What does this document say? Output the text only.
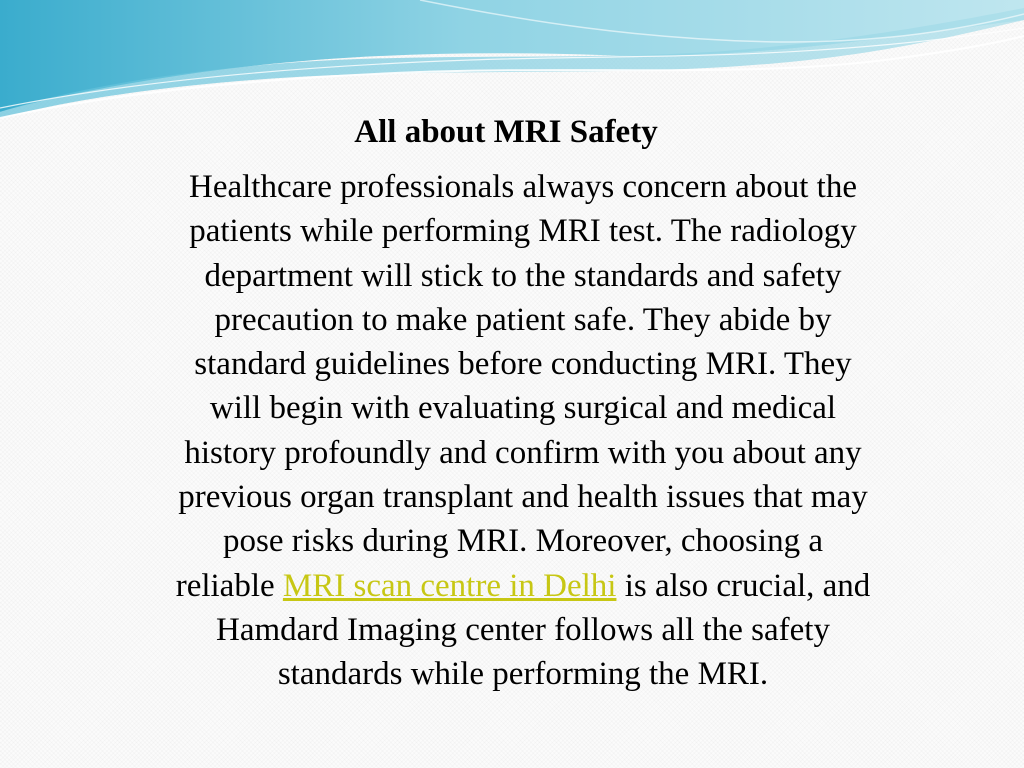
All about MRI Safety
Healthcare professionals always concern about the
patients while performing MRI test. The radiology
department will stick to the standards and safety
precaution to make patient safe. They abide by
standard guidelines before conducting MRI. They
will begin with evaluating surgical and medical
history profoundly and confirm with you about any
previous organ transplant and health issues that may
pose risks during MRI. Moreover, choosing a
reliable MRI scan centre in Delhi is also crucial, and
Hamdard Imaging center follows all the safety
standards while performing the MRI.
